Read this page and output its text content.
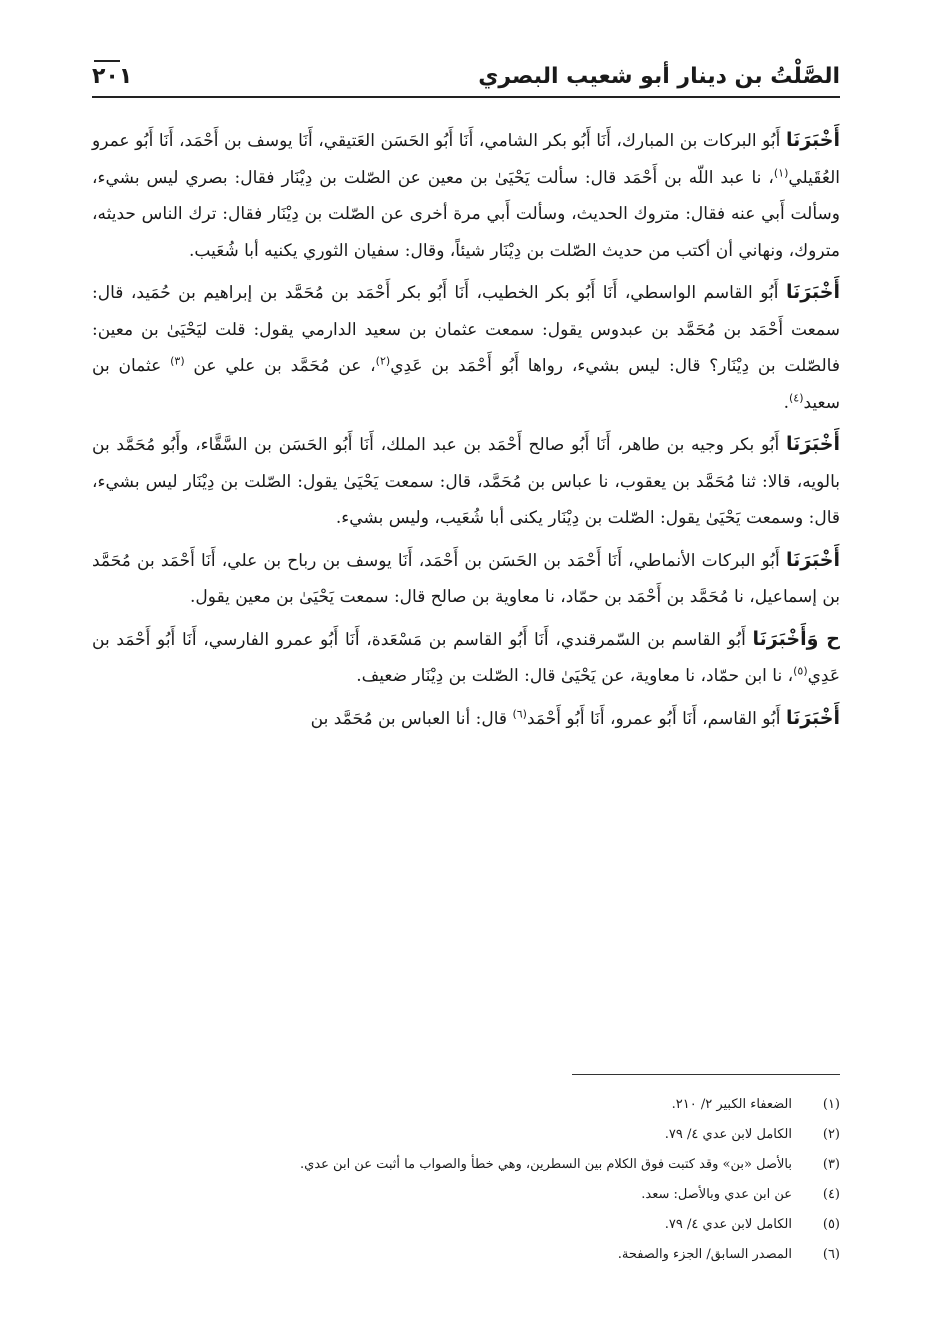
الصَّلْتُ بن دينار أبو شعيب البصري
٢٠١

أَخْبَرَنَا أَبُو البركات بن المبارك، أَنَا أَبُو بكر الشامي، أَنَا أَبُو الحَسَن العَتيقي، أَنَا يوسف بن أَحْمَد، أَنَا أَبُو عمرو العُقَيلي$^{(١)}$، نا عبد اللّه بن أَحْمَد قال: سألت يَحْيَىٰ بن معين عن الصّلت بن دِيْنَار فقال: بصري ليس بشيء، وسألت أَبي عنه فقال: متروك الحديث، وسألت أَبي مرة أخرى عن الصّلت بن دِيْنَار فقال: ترك الناس حديثه، متروك، ونهاني أن أكتب من حديث الصّلت بن دِيْنَار شيئاً، وقال: سفيان الثوري يكنيه أبا شُعَيب.

أَخْبَرَنَا أَبُو القاسم الواسطي، أَنَا أَبُو بكر الخطيب، أَنَا أَبُو بكر أَحْمَد بن مُحَمَّد بن إبراهيم بن حُمَيد، قال: سمعت أَحْمَد بن مُحَمَّد بن عبدوس يقول: سمعت عثمان بن سعيد الدارمي يقول: قلت ليَحْيَىٰ بن معين: فالصّلت بن دِيْنَار؟ قال: ليس بشيء، رواها أَبُو أَحْمَد بن عَدِي$^{(٢)}$، عن مُحَمَّد بن علي عن $^{(٣)}$ عثمان بن سعيد$^{(٤)}$.

أَخْبَرَنَا أَبُو بكر وجيه بن طاهر، أَنَا أَبُو صالح أَحْمَد بن عبد الملك، أَنَا أَبُو الحَسَن بن السَّقَّاء، وأَبُو مُحَمَّد بن بالويه، قالا: ثنا مُحَمَّد بن يعقوب، نا عباس بن مُحَمَّد، قال: سمعت يَحْيَىٰ يقول: الصّلت بن دِيْنَار ليس بشيء، قال: وسمعت يَحْيَىٰ يقول: الصّلت بن دِيْنَار يكنى أبا شُعَيب، وليس بشيء.

أَخْبَرَنَا أَبُو البركات الأنماطي، أَنَا أَحْمَد بن الحَسَن بن أَحْمَد، أَنَا يوسف بن رباح بن علي، أَنَا أَحْمَد بن مُحَمَّد بن إسماعيل، نا مُحَمَّد بن أَحْمَد بن حمّاد، نا معاوية بن صالح قال: سمعت يَحْيَىٰ بن معين يقول.

ح وَأَخْبَرَنَا أَبُو القاسم بن السّمرقندي، أَنَا أَبُو القاسم بن مَسْعَدة، أَنَا أَبُو عمرو الفارسي، أَنَا أَبُو أَحْمَد بن عَدِي$^{(٥)}$، نا ابن حمّاد، نا معاوية، عن يَحْيَىٰ قال: الصّلت بن دِيْنَار ضعيف.

أَخْبَرَنَا أَبُو القاسم، أَنَا أَبُو عمرو، أَنَا أَبُو أَحْمَد$^{(٦)}$ قال: أنا العباس بن مُحَمَّد بن

(١)الضعفاء الكبير ٢/ ٢١٠.
(٢)الكامل لابن عدي ٤/ ٧٩.
(٣)بالأصل «بن» وقد كتبت فوق الكلام بين السطرين، وهي خطأ والصواب ما أثبت عن ابن عدي.
(٤)عن ابن عدي وبالأصل: سعد.
(٥)الكامل لابن عدي ٤/ ٧٩.
(٦)المصدر السابق/ الجزء والصفحة.
